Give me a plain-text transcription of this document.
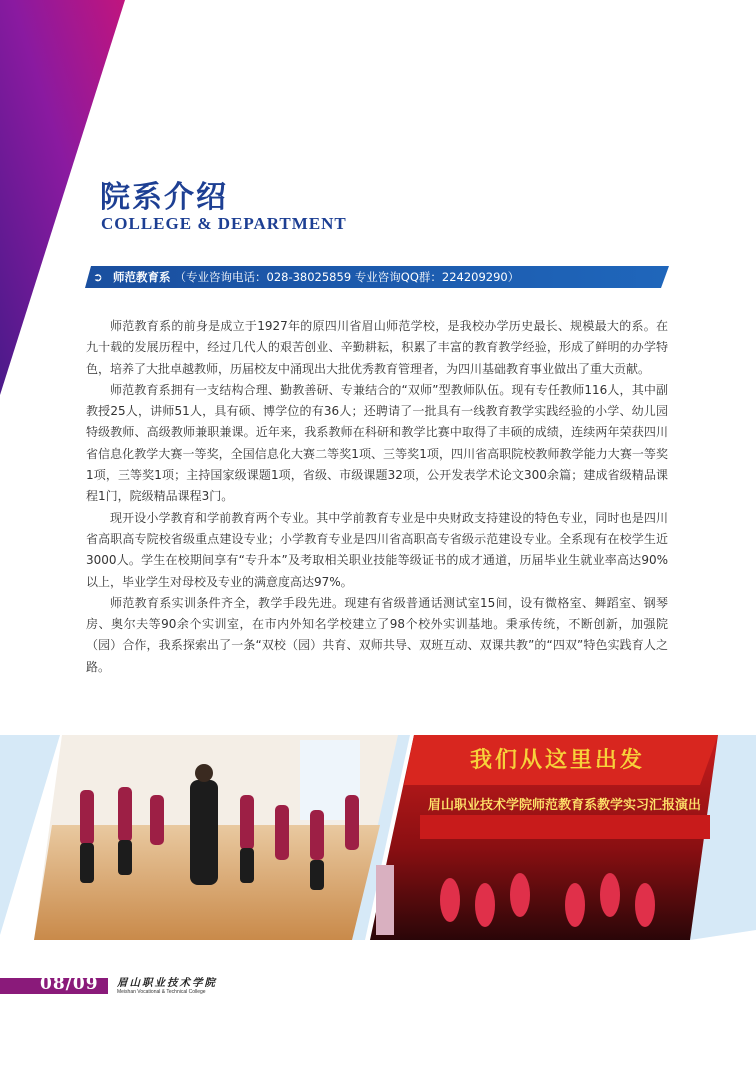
院系介绍
COLLEGE & DEPARTMENT
➲ 师范教育系 （专业咨询电话：028-38025859 专业咨询QQ群：224209290）

师范教育系的前身是成立于1927年的原四川省眉山师范学校，是我校办学历史最长、规模最大的系。在九十载的发展历程中，经过几代人的艰苦创业、辛勤耕耘，积累了丰富的教育教学经验，形成了鲜明的办学特色，培养了大批卓越教师，历届校友中涌现出大批优秀教育管理者，为四川基础教育事业做出了重大贡献。

师范教育系拥有一支结构合理、勤教善研、专兼结合的“双师”型教师队伍。现有专任教师116人，其中副教授25人，讲师51人，具有硕、博学位的有36人；还聘请了一批具有一线教育教学实践经验的小学、幼儿园特级教师、高级教师兼职兼课。近年来，我系教师在科研和教学比赛中取得了丰硕的成绩，连续两年荣获四川省信息化教学大赛一等奖，全国信息化大赛二等奖1项、三等奖1项，四川省高职院校教师教学能力大赛一等奖1项，三等奖1项；主持国家级课题1项，省级、市级课题32项，公开发表学术论文300余篇；建成省级精品课程1门，院级精品课程3门。

现开设小学教育和学前教育两个专业。其中学前教育专业是中央财政支持建设的特色专业，同时也是四川省高职高专院校省级重点建设专业；小学教育专业是四川省高职高专省级示范建设专业。全系现有在校学生近3000人。学生在校期间享有“专升本”及考取相关职业技能等级证书的成才通道，历届毕业生就业率高达90%以上，毕业学生对母校及专业的满意度高达97%。

师范教育系实训条件齐全，教学手段先进。现建有省级普通话测试室15间，设有微格室、舞蹈室、钢琴房、奥尔夫等90余个实训室，在市内外知名学校建立了98个校外实训基地。秉承传统，不断创新，加强院（园）合作，我系探索出了一条“双校（园）共育、双师共导、双班互动、双课共教”的“四双”特色实践育人之路。

我们从这里出发
眉山职业技术学院师范教育系教学实习汇报演出
08/09 眉山职业技术学院
Meishan Vocational & Technical College
